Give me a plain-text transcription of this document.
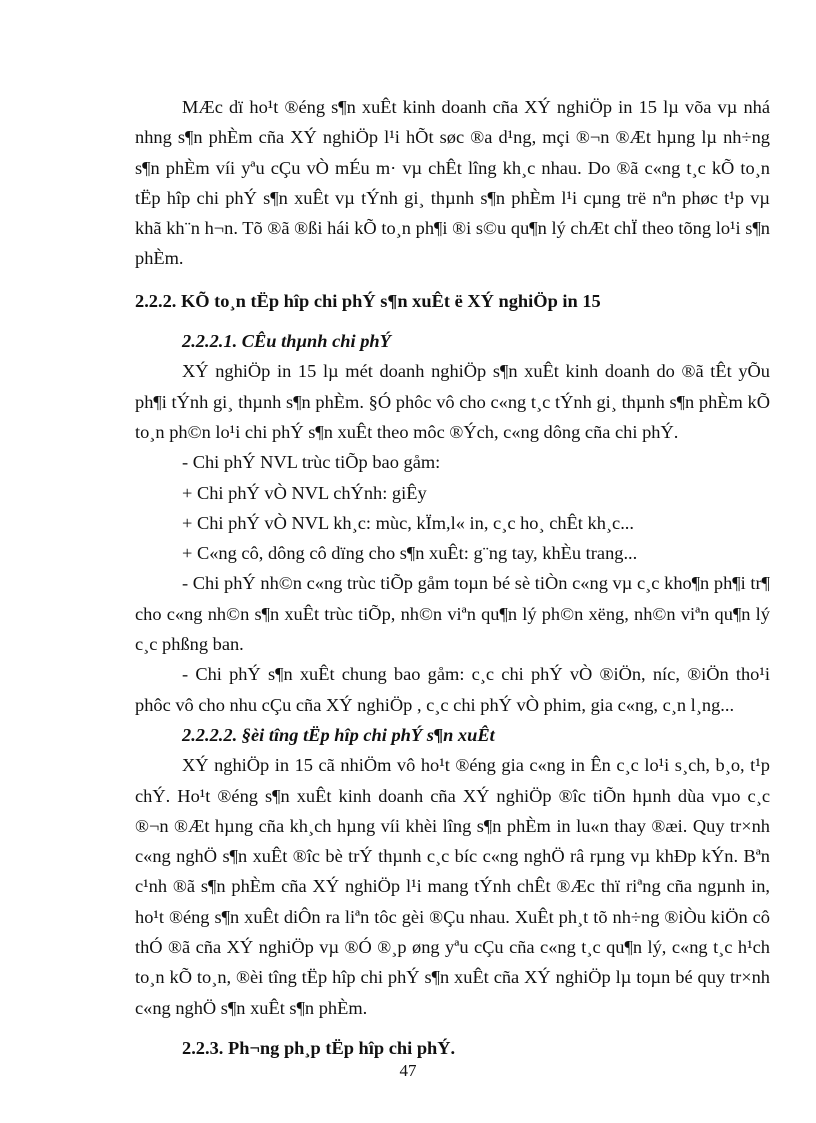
MÆc dï ho¹t ®éng s¶n xuÊt kinh doanh cña XÝ nghiÖp in 15 lµ võa vµ nhá nhng s¶n phÈm cña XÝ nghiÖp l¹i hÕt søc ®a d¹ng, mçi ®¬n ®Æt hµng lµ nh÷ng s¶n phÈm víi yªu cÇu vÒ mÉu m· vµ chÊt lîng kh¸c nhau. Do ®ã c«ng t¸c kÕ to¸n tËp hîp chi phÝ s¶n xuÊt vµ tÝnh gi¸ thµnh s¶n phÈm l¹i cµng trë nªn phøc t¹p vµ khã kh¨n h¬n. Tõ ®ã ®ßi hái kÕ to¸n ph¶i ®i s©u qu¶n lý chÆt chÏ theo tõng lo¹i s¶n phÈm.

2.2.2. KÕ to¸n tËp hîp chi phÝ s¶n xuÊt ë XÝ nghiÖp in 15

2.2.2.1. CÊu thµnh chi phÝ

XÝ nghiÖp in 15 lµ mét doanh nghiÖp s¶n xuÊt kinh doanh do ®ã tÊt yÕu ph¶i tÝnh gi¸ thµnh s¶n phÈm. §Ó phôc vô cho c«ng t¸c tÝnh gi¸ thµnh s¶n phÈm kÕ to¸n ph©n lo¹i chi phÝ s¶n xuÊt theo môc ®Ých, c«ng dông cña chi phÝ.

- Chi phÝ NVL trùc tiÕp bao gåm:

+ Chi phÝ vÒ NVL chÝnh: giÊy

+ Chi phÝ vÒ NVL kh¸c: mùc, kÏm,l« in, c¸c ho¸ chÊt kh¸c...

+ C«ng cô, dông cô dïng cho s¶n xuÊt: g¨ng tay, khÈu trang...

- Chi phÝ nh©n c«ng trùc tiÕp gåm toµn bé sè tiÒn c«ng vµ c¸c kho¶n ph¶i tr¶ cho c«ng nh©n s¶n xuÊt trùc tiÕp, nh©n viªn qu¶n lý ph©n xëng, nh©n viªn qu¶n lý c¸c phßng ban.

- Chi phÝ s¶n xuÊt chung bao gåm: c¸c chi phÝ vÒ ®iÖn, níc, ®iÖn tho¹i phôc vô cho nhu cÇu cña XÝ nghiÖp , c¸c chi phÝ vÒ phim, gia c«ng, c¸n l¸ng...

2.2.2.2. §èi tîng tËp hîp chi phÝ s¶n xuÊt

XÝ nghiÖp in 15 cã nhiÖm vô ho¹t ®éng gia c«ng in Ên c¸c lo¹i s¸ch, b¸o, t¹p chÝ. Ho¹t ®éng s¶n xuÊt kinh doanh cña XÝ nghiÖp ®îc tiÕn hµnh dùa vµo c¸c ®¬n ®Æt hµng cña kh¸ch hµng víi khèi lîng s¶n phÈm in lu«n thay ®æi. Quy tr×nh c«ng nghÖ s¶n xuÊt ®îc bè trÝ thµnh c¸c bíc c«ng nghÖ râ rµng vµ khÐp kÝn. Bªn c¹nh ®ã s¶n phÈm cña XÝ nghiÖp l¹i mang tÝnh chÊt ®Æc thï riªng cña ngµnh in, ho¹t ®éng s¶n xuÊt diÔn ra liªn tôc gèi ®Çu nhau. XuÊt ph¸t tõ nh÷ng ®iÒu kiÖn cô thÓ ®ã cña XÝ nghiÖp vµ ®Ó ®¸p øng yªu cÇu cña c«ng t¸c qu¶n lý, c«ng t¸c h¹ch to¸n kÕ to¸n, ®èi tîng tËp hîp chi phÝ s¶n xuÊt cña XÝ nghiÖp lµ toµn bé quy tr×nh c«ng nghÖ s¶n xuÊt s¶n phÈm.

2.2.3. Ph¬ng ph¸p tËp hîp chi phÝ.

47
